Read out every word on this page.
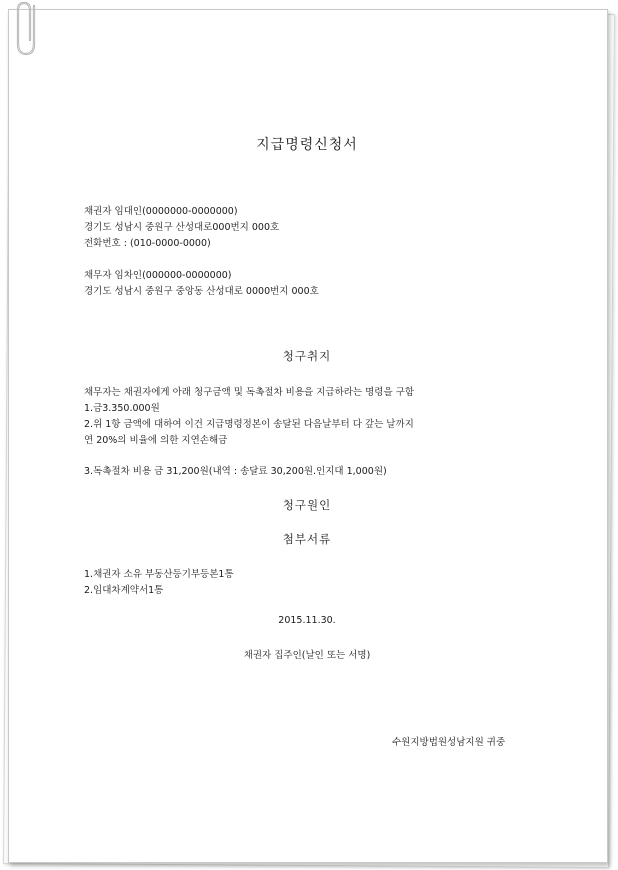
지급명령신청서

채권자 임대인(0000000-0000000)

경기도 성남시 중원구 산성대로000번지 000호

전화번호 : (010-0000-0000)

채무자 임차인(000000-0000000)

경기도 성남시 중원구 중앙동 산성대로 0000번지 000호

청구취지

채무자는 채권자에게 아래 청구금액 및 독촉절차 비용을 지급하라는 명령을 구함

1.금3.350.000원

2.위 1항 금액에 대하여 이건 지급명령정본이 송달된 다음날부터 다 갚는 날까지

연 20%의 비율에 의한 지연손해금

3.독촉절차 비용 금 31,200원(내역 : 송달료 30,200원.인지대 1,000원)

청구원인
첨부서류

1.채권자 소유 부동산등기부등본1통

2.임대차계약서1통

2015.11.30.
채권자 집주인(날인 또는 서명)
수원지방법원성남지원 귀중
